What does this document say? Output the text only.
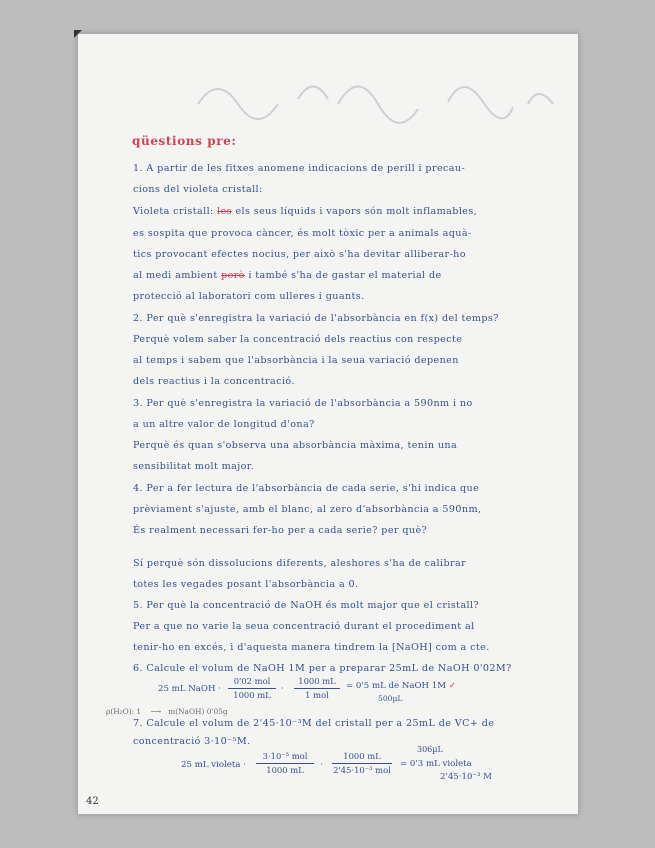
qüestions pre:
1. A partir de les fitxes anomene indicacions de perill i precau-
cions del violeta cristall:
Violeta cristall: les els seus líquids i vapors són molt inflamables,
es sospita que provoca càncer, és molt tòxic per a animals aquà-
tics provocant efectes nocius, per això s'ha devitar alliberar-ho
al medi ambient però i també s'ha de gastar el material de
protecció al laboratori com ulleres i guants.
2. Per què s'enregistra la variació de l'absorbància en f(x) del temps?
Perquè volem saber la concentració dels reactius con respecte
al temps i sabem que l'absorbància i la seua variació depenen
dels reactius i la concentració.
3. Per què s'enregistra la variació de l'absorbància a 590nm i no
a un altre valor de longitud d'ona?
Perquè és quan s'observa una absorbància màxima, tenin una
sensibilitat molt major.
4. Per a fer lectura de l'absorbància de cada serie, s'hi indica que
prèviament s'ajuste, amb el blanc, al zero d'absorbància a 590nm,
És realment necessari fer-ho per a cada serie? per què?
Sí perquè són dissolucions diferents, aleshores s'ha de calibrar
totes les vegades posant l'absorbància a 0.
5. Per què la concentració de NaOH és molt major que el cristall?
Per a que no varie la seua concentració durant el procediment al
tenir-ho en excés, i d'aquesta manera tindrem la [NaOH] com a cte.
6. Calcule el volum de NaOH 1M per a preparar 25mL de NaOH 0'02M?
25 mL NaOH ·
0'02 mol
1000 mL
·
1000 mL
1 mol
= 0'5 mL de NaOH 1M ✓
500µL
ρ(H₂O): 1 ⟶ m(NaOH) 0'05g
7. Calcule el volum de 2'45·10⁻³M del cristall per a 25mL de VC+ de
concentració 3·10⁻⁵M.
25 mL violeta ·
3·10⁻⁵ mol
1000 mL	·
1000 mL
2'45·10⁻³ mol
306µL
= 0'3 mL violeta
2'45·10⁻³ M
42
